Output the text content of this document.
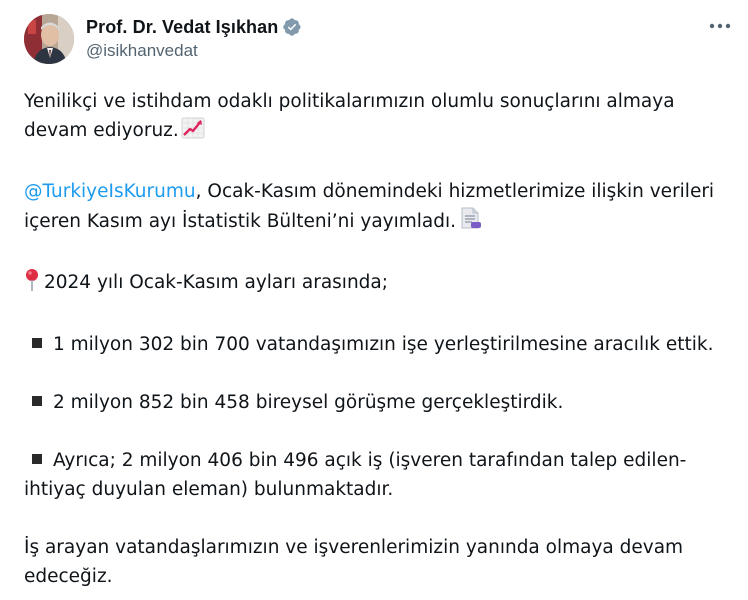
Prof. Dr. Vedat Işıkhan
@isikhanvedat

Yenilikçi ve istihdam odaklı politikalarımızın olumlu sonuçlarını almaya

devam ediyoruz.

@TurkiyeIsKurumu, Ocak-Kasım dönemindeki hizmetlerimize ilişkin verileri

içeren Kasım ayı İstatistik Bülteni’ni yayımladı.

2024 yılı Ocak-Kasım ayları arasında;

1 milyon 302 bin 700 vatandaşımızın işe yerleştirilmesine aracılık ettik.

2 milyon 852 bin 458 bireysel görüşme gerçekleştirdik.

Ayrıca; 2 milyon 406 bin 496 açık iş (işveren tarafından talep edilen-

ihtiyaç duyulan eleman) bulunmaktadır.

İş arayan vatandaşlarımızın ve işverenlerimizin yanında olmaya devam

edeceğiz.
